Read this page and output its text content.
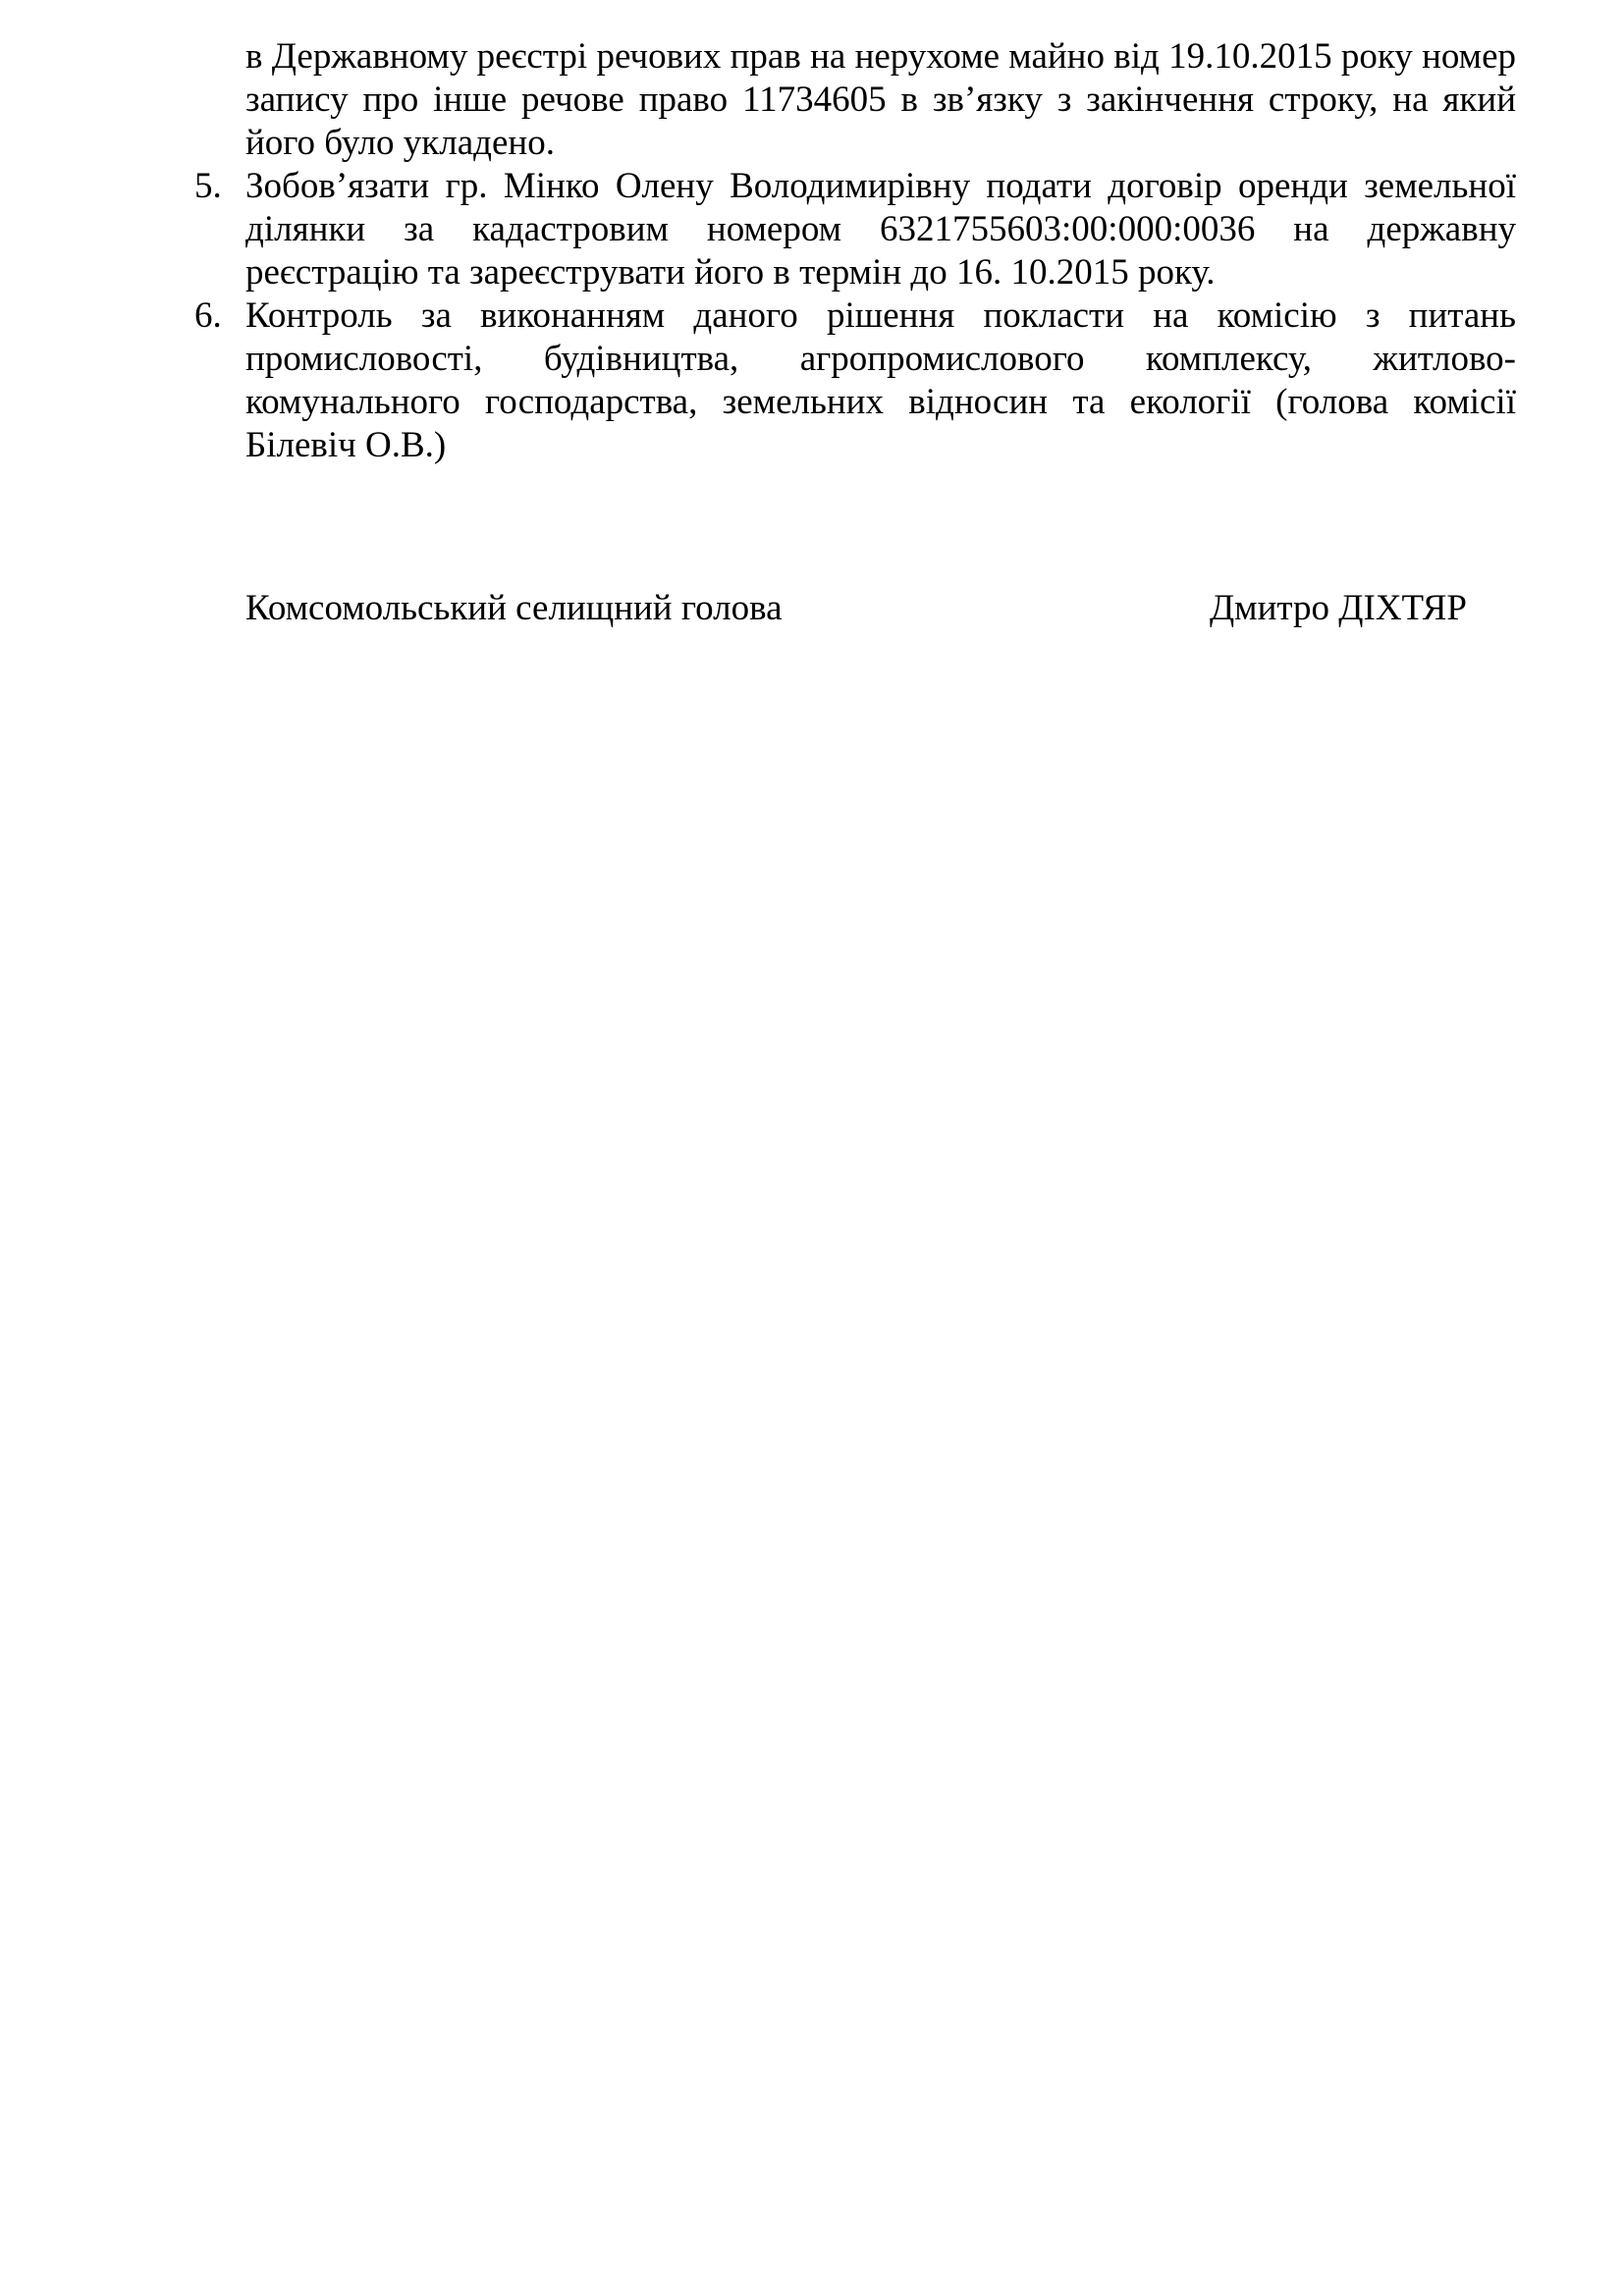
в Державному реєстрі речових прав на нерухоме майно від 19.10.2015 року номер запису про інше речове право 11734605 в зв’язку з закінчення строку, на який його було укладено.
5. Зобов’язати гр. Мінко Олену Володимирівну подати договір оренди земельної ділянки за кадастровим номером 6321755603:00:000:0036 на державну реєстрацію та зареєструвати його в термін до 16. 10.2015 року.
6. Контроль за виконанням даного рішення покласти на комісію з питань промисловості, будівництва, агропромислового комплексу, житлово-комунального господарства, земельних відносин та екології (голова комісії Білевіч О.В.)
Комсомольський селищний голова	Дмитро ДІХТЯР
